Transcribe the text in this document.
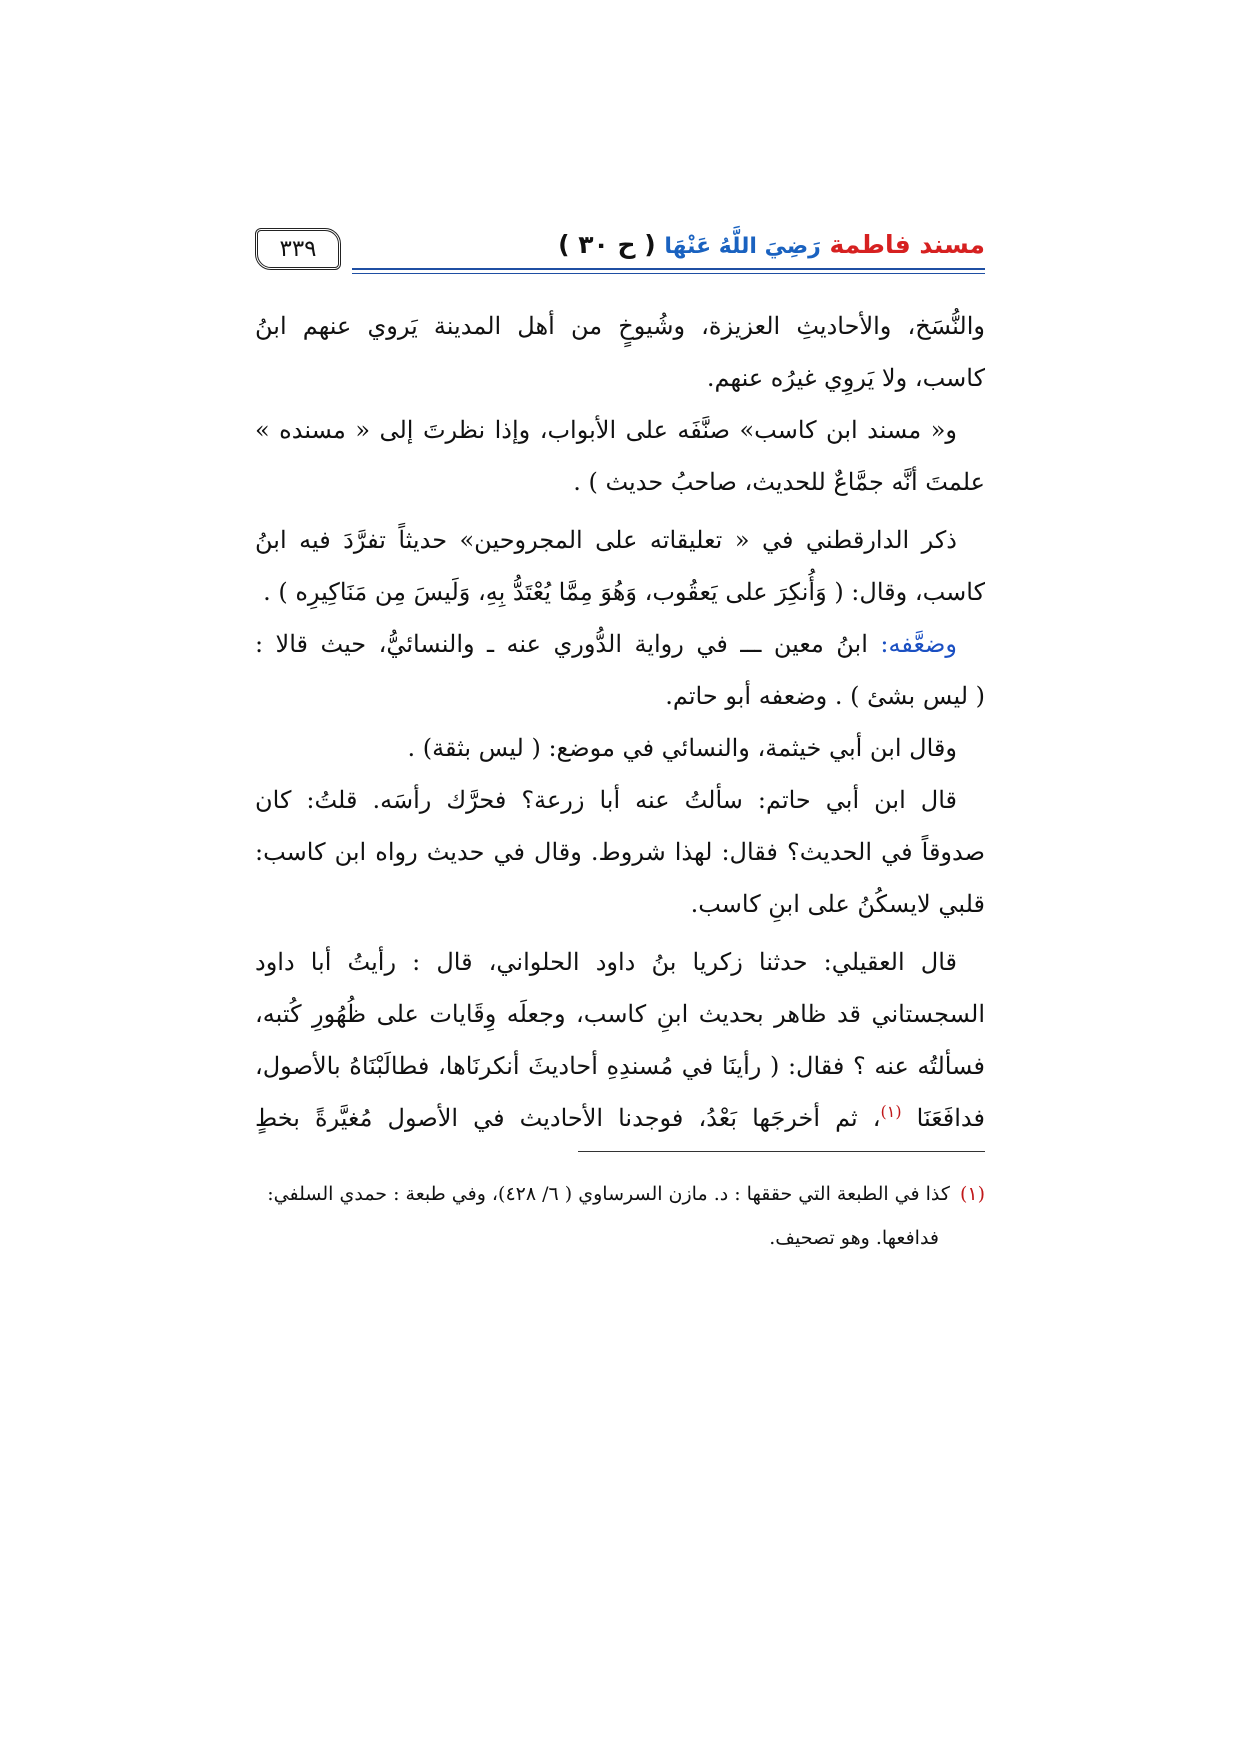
مسند فاطمة رَضِيَ اللَّهُ عَنْهَا ( ح ٣٠ )
٣٣٩
والنُّسَخ، والأحاديثِ العزيزة، وشُيوخٍ من أهل المدينة يَروي عنهم ابنُ
كاسب، ولا يَروِي غيرُه عنهم.
و« مسند ابن كاسب» صنَّفَه على الأبواب، وإذا نظرتَ إلى « مسنده »
علمتَ أنَّه جمَّاعٌ للحديث، صاحبُ حديث ) .
ذكر الدارقطني في « تعليقاته على المجروحين» حديثاً تفرَّدَ فيه ابنُ
كاسب، وقال: ( وَأُنكِرَ على يَعقُوب، وَهُوَ مِمَّا يُعْتَدُّ بِهِ، وَلَيسَ مِن مَنَاكِيرِه ) .
وضعَّفه: ابنُ معين ـــ في رواية الدُّوري عنه ـ والنسائيُّ، حيث قالا :
( ليس بشئ ) . وضعفه أبو حاتم.
وقال ابن أبي خيثمة، والنسائي في موضع: ( ليس بثقة) .
قال ابن أبي حاتم: سألتُ عنه أبا زرعة؟ فحرَّك رأسَه. قلتُ: كان
صدوقاً في الحديث؟ فقال: لهذا شروط. وقال في حديث رواه ابن كاسب:
قلبي لايسكُنُ على ابنِ كاسب.
قال العقيلي: حدثنا زكريا بنُ داود الحلواني، قال : رأيتُ أبا داود
السجستاني قد ظاهر بحديث ابنِ كاسب، وجعلَه وِقَايات على ظُهُورِ كُتبه،
فسألتُه عنه ؟ فقال: ( رأينَا في مُسندِهِ أحاديثَ أنكرنَاها، فطالَبْنَاهُ بالأصول،
فدافَعَنَا $^{(١)}$، ثم أخرجَها بَعْدُ، فوجدنا الأحاديث في الأصول مُغيَّرةً بخطٍ
(١)كذا في الطبعة التي حققها : د. مازن السرساوي ( ٦/ ٤٢٨)، وفي طبعة : حمدي السلفي:
فدافعها. وهو تصحيف.
